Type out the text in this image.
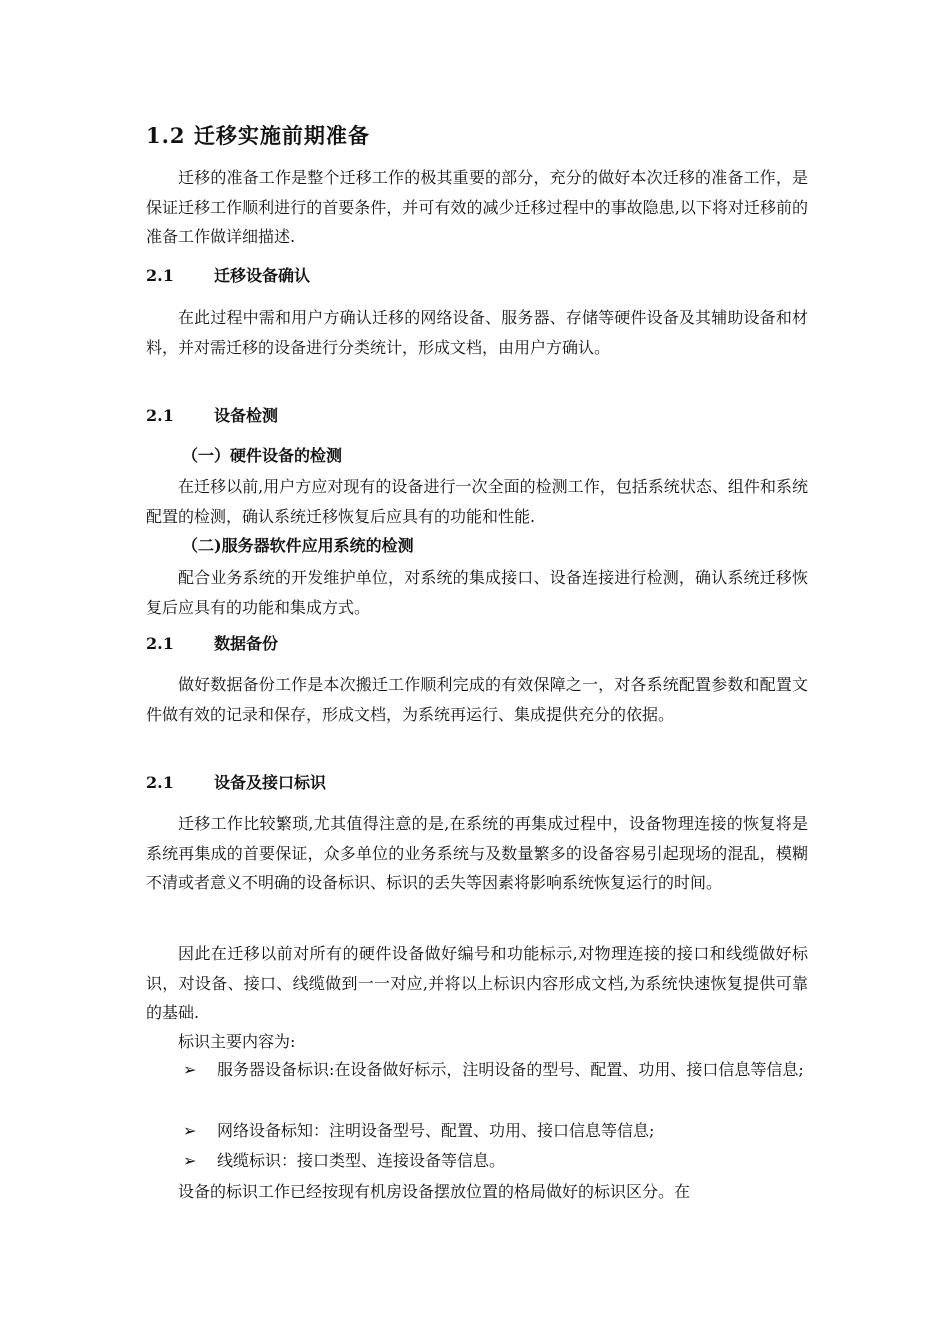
1.2 迁移实施前期准备

迁移的准备工作是整个迁移工作的极其重要的部分，充分的做好本次迁移的准备工作，是保证迁移工作顺利进行的首要条件，并可有效的减少迁移过程中的事故隐患,以下将对迁移前的准备工作做详细描述.

2.1	迁移设备确认

在此过程中需和用户方确认迁移的网络设备、服务器、存储等硬件设备及其辅助设备和材料，并对需迁移的设备进行分类统计，形成文档，由用户方确认。

2.1	设备检测
（一）硬件设备的检测

在迁移以前,用户方应对现有的设备进行一次全面的检测工作，包括系统状态、组件和系统配置的检测，确认系统迁移恢复后应具有的功能和性能.

（二)服务器软件应用系统的检测

配合业务系统的开发维护单位，对系统的集成接口、设备连接进行检测，确认系统迁移恢复后应具有的功能和集成方式。

2.1	数据备份

做好数据备份工作是本次搬迁工作顺利完成的有效保障之一，对各系统配置参数和配置文件做有效的记录和保存，形成文档，为系统再运行、集成提供充分的依据。

2.1	设备及接口标识

迁移工作比较繁琐,尤其值得注意的是,在系统的再集成过程中，设备物理连接的恢复将是系统再集成的首要保证，众多单位的业务系统与及数量繁多的设备容易引起现场的混乱，模糊不清或者意义不明确的设备标识、标识的丢失等因素将影响系统恢复运行的时间。

因此在迁移以前对所有的硬件设备做好编号和功能标示,对物理连接的接口和线缆做好标识，对设备、接口、线缆做到一一对应,并将以上标识内容形成文档,为系统快速恢复提供可靠的基础.

标识主要内容为:

➢	服务器设备标识:在设备做好标示，注明设备的型号、配置、功用、接口信息等信息;
➢	网络设备标知：注明设备型号、配置、功用、接口信息等信息;
➢	线缆标识：接口类型、连接设备等信息。

设备的标识工作已经按现有机房设备摆放位置的格局做好的标识区分。在
